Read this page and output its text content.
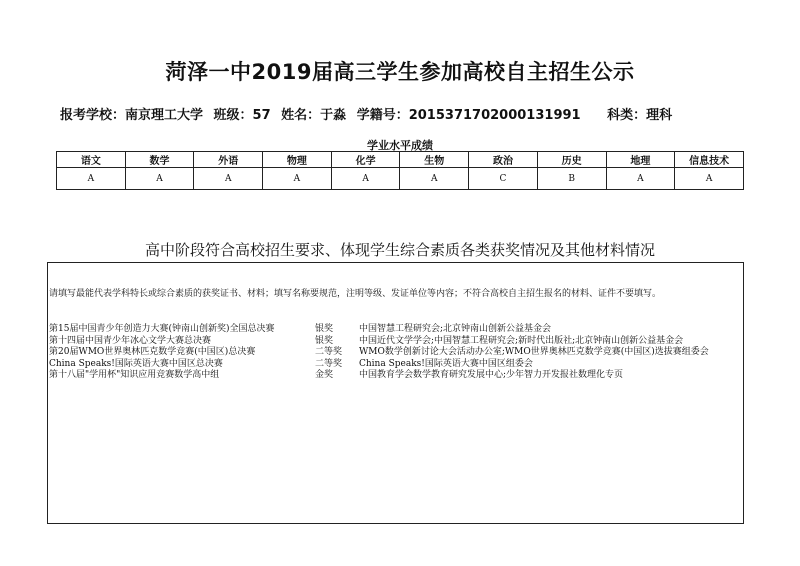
菏泽一中2019届高三学生参加高校自主招生公示
报考学校：南京理工大学 班级：57 姓名：于淼 学籍号：2015371702000131991 科类：理科
学业水平成绩
语文	数学	外语	物理	化学	生物	政治	历史	地理	信息技术
A	A	A	A	A	A	C	B	A	A
高中阶段符合高校招生要求、体现学生综合素质各类获奖情况及其他材料情况
请填写最能代表学科特长或综合素质的获奖证书、材料；填写名称要规范，注明等级、发证单位等内容；不符合高校自主招生报名的材料、证件不要填写。
第15届中国青少年创造力大赛(钟南山创新奖)全国总决赛	银奖	中国智慧工程研究会;北京钟南山创新公益基金会
第十四届中国青少年冰心文学大赛总决赛	银奖	中国近代文学学会;中国智慧工程研究会;新时代出版社;北京钟南山创新公益基金会
第20届WMO世界奥林匹克数学竞赛(中国区)总决赛	二等奖 WMO数学创新讨论大会活动办公室;WMO世界奥林匹克数学竞赛(中国区)选拔赛组委会
China Speaks!国际英语大赛中国区总决赛	二等奖 China Speaks!国际英语大赛中国区组委会
第十八届"学用杯"知识应用竞赛数学高中组	金奖	中国教育学会数学教育研究发展中心;少年智力开发报社数理化专页
